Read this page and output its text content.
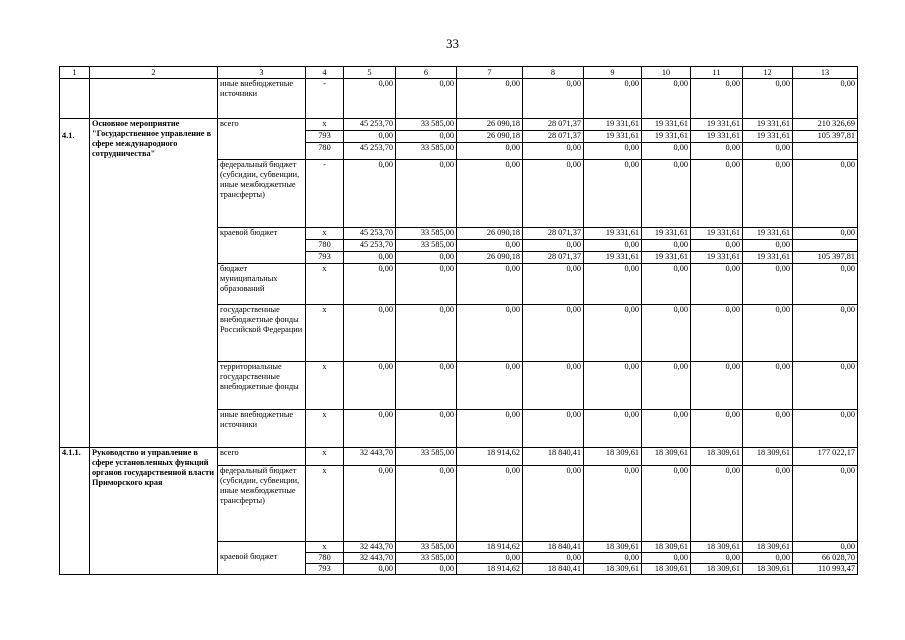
33
1	2	3	4	5	6	7	8	9	10	11	12	13
		иные внебюджетные источники	-	0,00	0,00	0,00	0,00	0,00	0,00	0,00	0,00	0,00

4.1.	Основное мероприятие "Государственное управление в сфере международного сотрудничества"	всего	х	45 253,70	33 585,00	26 090,18	28 071,37	19 331,61	19 331,61	19 331,61	19 331,61	210 326,69
			793	0,00	0,00	26 090,18	28 071,37	19 331,61	19 331,61	19 331,61	19 331,61	105 397,81
			780	45 253,70	33 585,00	0,00	0,00	0,00	0,00	0,00	0,00	
		федеральный бюджет (субсидии, субвенции, иные межбюджетные трансферты)	-	0,00	0,00	0,00	0,00	0,00	0,00	0,00	0,00	0,00
		краевой бюджет	х	45 253,70	33 585,00	26 090,18	28 071,37	19 331,61	19 331,61	19 331,61	19 331,61	0,00
			780	45 253,70	33 585,00	0,00	0,00	0,00	0,00	0,00	0,00	
			793	0,00	0,00	26 090,18	28 071,37	19 331,61	19 331,61	19 331,61	19 331,61	105 397,81
		бюджет муниципальных образований	х	0,00	0,00	0,00	0,00	0,00	0,00	0,00	0,00	0,00
		государственные внебюджетные фонды Российской Федерации	х	0,00	0,00	0,00	0,00	0,00	0,00	0,00	0,00	0,00
		территориальные государственные внебюджетные фонды	х	0,00	0,00	0,00	0,00	0,00	0,00	0,00	0,00	0,00
		иные внебюджетные источники	х	0,00	0,00	0,00	0,00	0,00	0,00	0,00	0,00	0,00
4.1.1.	Руководство и управление в сфере установленных функций органов государственной власти Приморского края	всего	х	32 443,70	33 585,00	18 914,62	18 840,41	18 309,61	18 309,61	18 309,61	18 309,61	177 022,17
		федеральный бюджет (субсидии, субвенции, иные межбюджетные трансферты)	х	0,00	0,00	0,00	0,00	0,00	0,00	0,00	0,00	0,00

		краевой бюджет	х	32 443,70	33 585,00	18 914,62	18 840,41	18 309,61	18 309,61	18 309,61	18 309,61	0,00
			780	32 443,70	33 585,00	0,00	0,00	0,00	0,00	0,00	0,00	66 028,70
			793	0,00	0,00	18 914,62	18 840,41	18 309,61	18 309,61	18 309,61	18 309,61	110 993,47
